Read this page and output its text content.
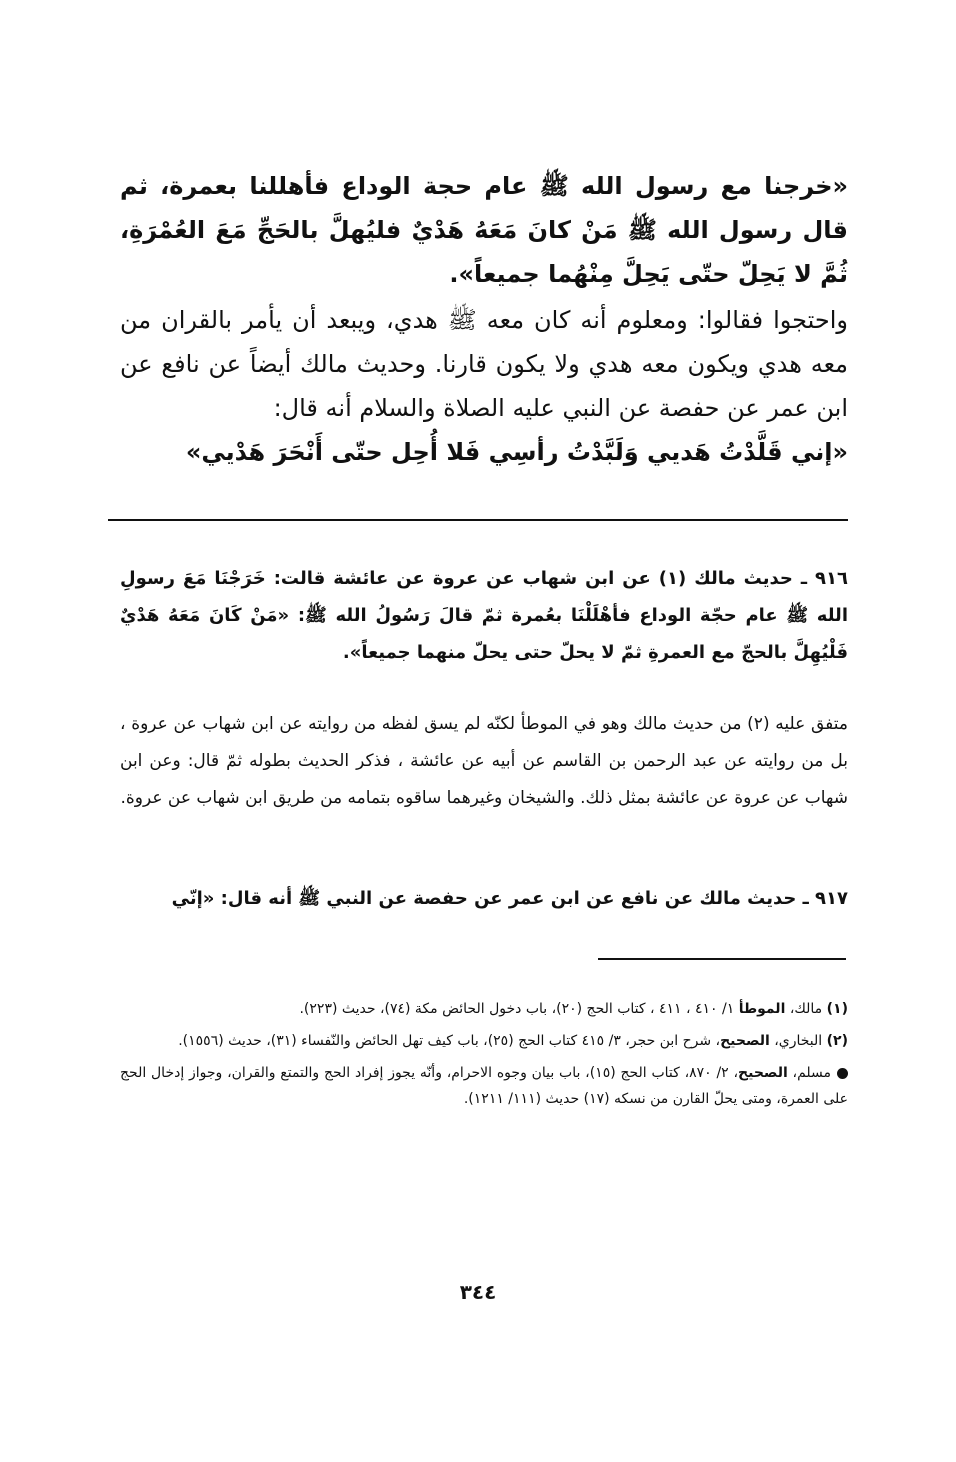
«خرجنا مع رسول الله ﷺ عام حجة الوداع فأهللنا بعمرة، ثم قال رسول الله ﷺ مَنْ كانَ مَعَهُ هَدْيٌ فليُهلَّ بالحَجِّ مَعَ العُمْرَةِ، ثُمَّ لا يَحِلّ حتّى يَحِلَّ مِنْهُما جميعاً».

واحتجوا فقالوا: ومعلوم أنه كان معه ﷺ هدي، ويبعد أن يأمر بالقران من معه هدي ويكون معه هدي ولا يكون قارنا. وحديث مالك أيضاً عن نافع عن ابن عمر عن حفصة عن النبي عليه الصلاة والسلام أنه قال:

«إني قَلَّدْتُ هَديي وَلَبَّدْتُ رأسِي فَلا أُحِل حتّى أَنْحَرَ هَدْيي»

٩١٦ ـ حديث مالك (١) عن ابن شهاب عن عروة عن عائشة قالت: خَرَجْنَا مَعَ رسولِ الله ﷺ عام حجّة الوداع فأهْلَلْنَا بعُمرة ثمّ قالَ رَسُولُ الله ﷺ: «مَنْ كَانَ مَعَهُ هَدْيٌ فَلْيُهِلَّ بالحجّ مع العمرةِ ثمّ لا يحلّ حتى يحلّ منهما جميعاً».

متفق عليه (٢) من حديث مالك وهو في الموطأ لكنّه لم يسق لفظه من روايته عن ابن شهاب عن عروة ، بل من روايته عن عبد الرحمن بن القاسم عن أبيه عن عائشة ، فذكر الحديث بطوله ثمّ قال: وعن ابن شهاب عن عروة عن عائشة بمثل ذلك. والشيخان وغيرهما ساقوه بتمامه من طريق ابن شهاب عن عروة.

٩١٧ ـ حديث مالك عن نافع عن ابن عمر عن حفصة عن النبي ﷺ أنه قال: «إنّي

(١) مالك، الموطأ ١/ ٤١٠ ، ٤١١ ، كتاب الحج (٢٠)، باب دخول الحائض مكة (٧٤)، حديث (٢٢٣).

(٢) البخاري، الصحيح، شرح ابن حجر، ٣/ ٤١٥ كتاب الحج (٢٥)، باب كيف تهل الحائض والنّفساء (٣١)، حديث (١٥٥٦).

مسلم، الصحيح، ٢/ ٨٧٠، كتاب الحج (١٥)، باب بيان وجوه الاحرام، وأنّه يجوز إفراد الحج والتمتع والقران، وجواز إدخال الحج على العمرة، ومتى يحلّ القارن من نسكه (١٧) حديث (١١١/ ١٢١١).

٣٤٤
